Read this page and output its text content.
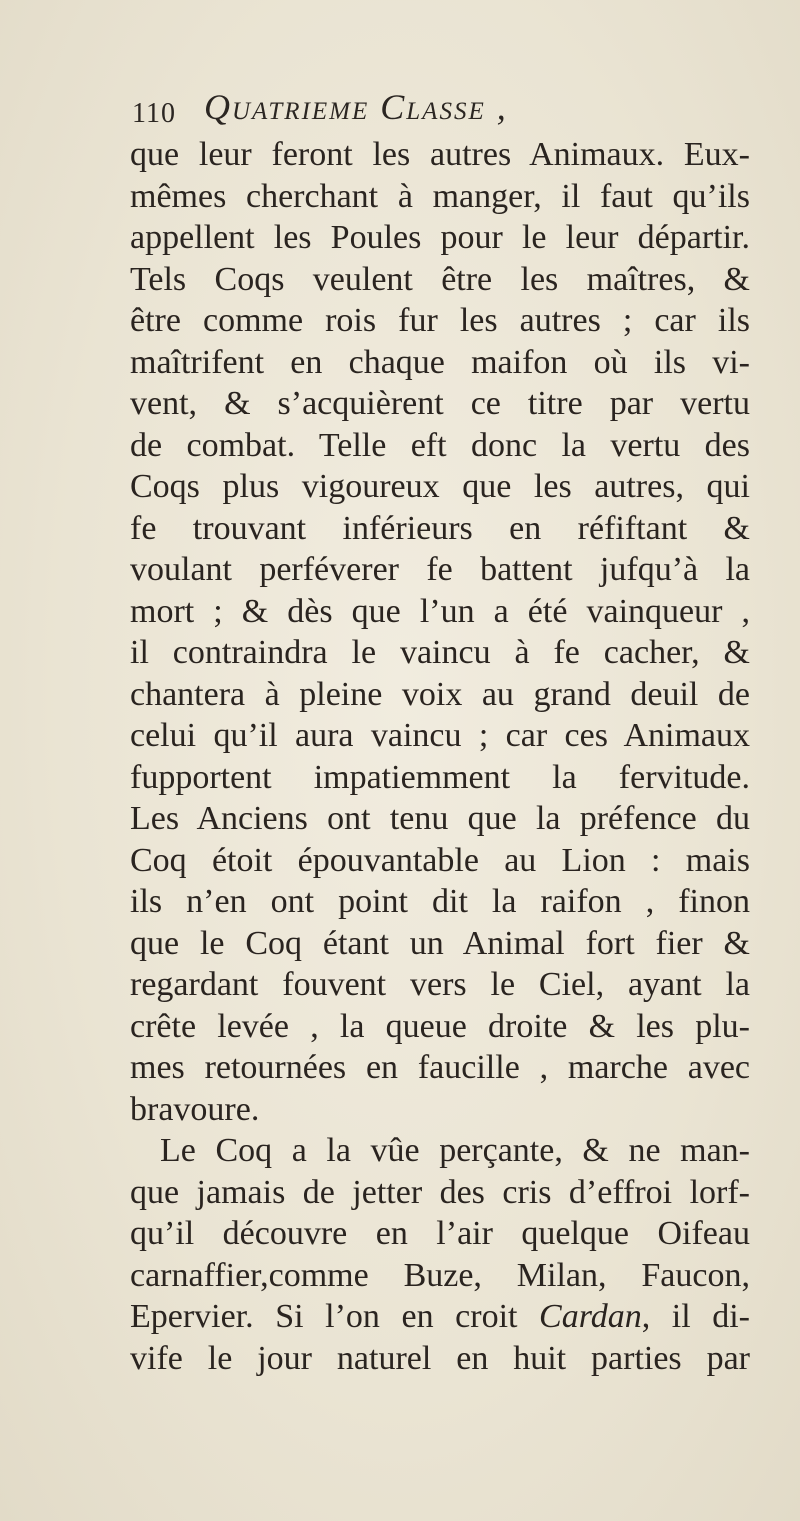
110 Quatrieme Classe ,
que leur feront les autres Animaux. Eux-
mêmes cherchant à manger, il faut qu’ils
appellent les Poules pour le leur départir.
Tels Coqs veulent être les maîtres, &
être comme rois fur les autres ; car ils
maîtrifent en chaque maifon où ils vi-
vent, & s’acquièrent ce titre par vertu
de combat. Telle eft donc la vertu des
Coqs plus vigoureux que les autres, qui
fe trouvant inférieurs en réfiftant &
voulant perféverer fe battent jufqu’à la
mort ; & dès que l’un a été vainqueur ,
il contraindra le vaincu à fe cacher, &
chantera à pleine voix au grand deuil de
celui qu’il aura vaincu ; car ces Animaux
fupportent impatiemment la fervitude.
Les Anciens ont tenu que la préfence du
Coq étoit épouvantable au Lion : mais
ils n’en ont point dit la raifon , finon
que le Coq étant un Animal fort fier &
regardant fouvent vers le Ciel, ayant la
crête levée , la queue droite & les plu-
mes retournées en faucille , marche avec
bravoure.
Le Coq a la vûe perçante, & ne man-
que jamais de jetter des cris d’effroi lorf-
qu’il découvre en l’air quelque Oifeau
carnaffier,comme Buze, Milan, Faucon,
Epervier. Si l’on en croit Cardan, il di-
vife le jour naturel en huit parties par
